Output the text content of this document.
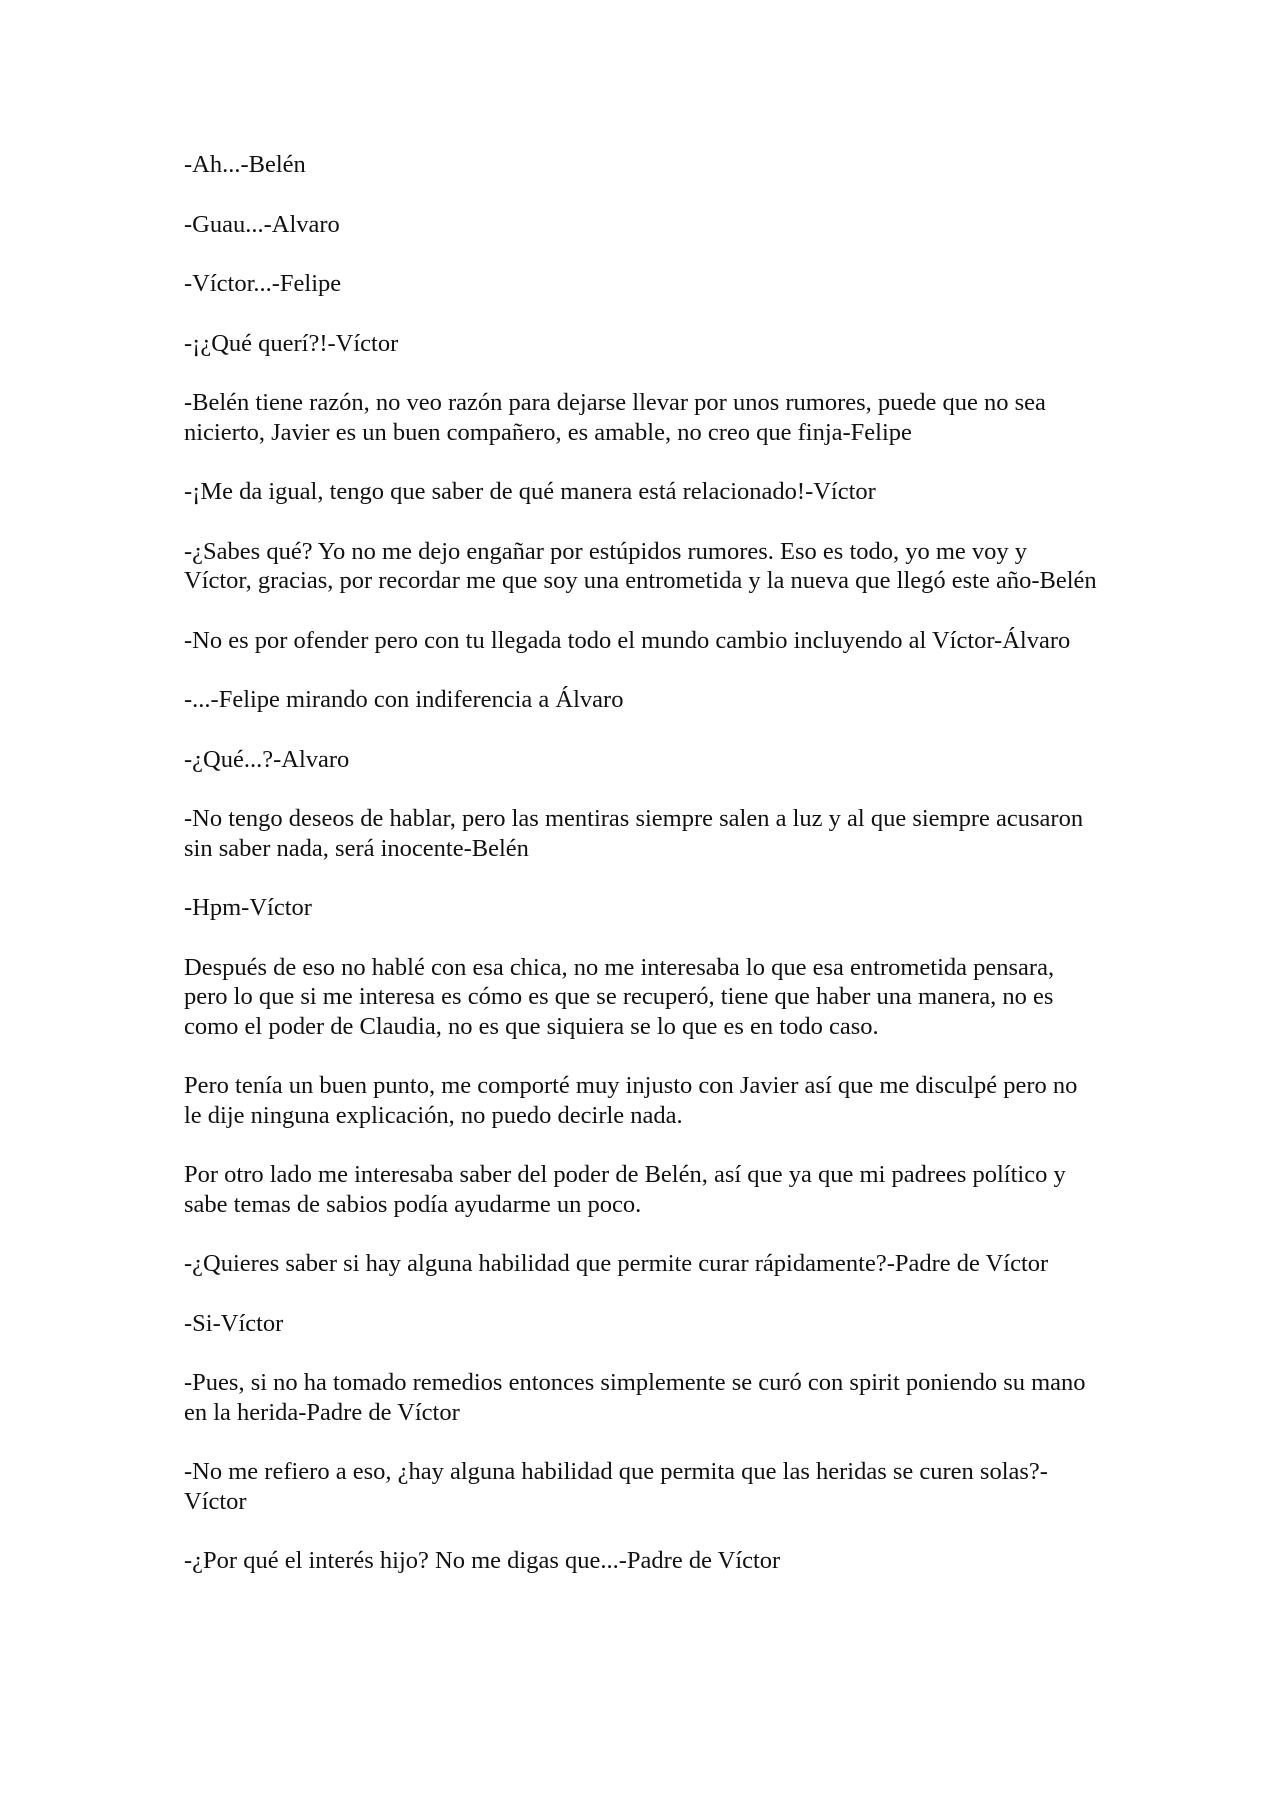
-Ah...-Belén

-Guau...-Alvaro

-Víctor...-Felipe

-¡¿Qué querí?!-Víctor

-Belén tiene razón, no veo razón para dejarse llevar por unos rumores, puede que no sea nicierto, Javier es un buen compañero, es amable, no creo que finja-Felipe

-¡Me da igual, tengo que saber de qué manera está relacionado!-Víctor

-¿Sabes qué? Yo no me dejo engañar por estúpidos rumores. Eso es todo, yo me voy y Víctor, gracias, por recordar me que soy una entrometida y la nueva que llegó este año-Belén

-No es por ofender pero con tu llegada todo el mundo cambio incluyendo al Víctor-Álvaro

-...-Felipe mirando con indiferencia a Álvaro

-¿Qué...?-Alvaro

-No tengo deseos de hablar, pero las mentiras siempre salen a luz y al que siempre acusaron sin saber nada, será inocente-Belén

-Hpm-Víctor

Después de eso no hablé con esa chica, no me interesaba lo que esa entrometida pensara, pero lo que si me interesa es cómo es que se recuperó, tiene que haber una manera, no es como el poder de Claudia, no es que siquiera se lo que es en todo caso.

Pero tenía un buen punto, me comporté muy injusto con Javier así que me disculpé pero no le dije ninguna explicación, no puedo decirle nada.

Por otro lado me interesaba saber del poder de Belén, así que ya que mi padrees político y sabe temas de sabios podía ayudarme un poco.

-¿Quieres saber si hay alguna habilidad que permite curar rápidamente?-Padre de Víctor

-Si-Víctor

-Pues, si no ha tomado remedios entonces simplemente se curó con spirit poniendo su mano en la herida-Padre de Víctor

-No me refiero a eso, ¿hay alguna habilidad que permita que las heridas se curen solas?-Víctor

-¿Por qué el interés hijo? No me digas que...-Padre de Víctor
